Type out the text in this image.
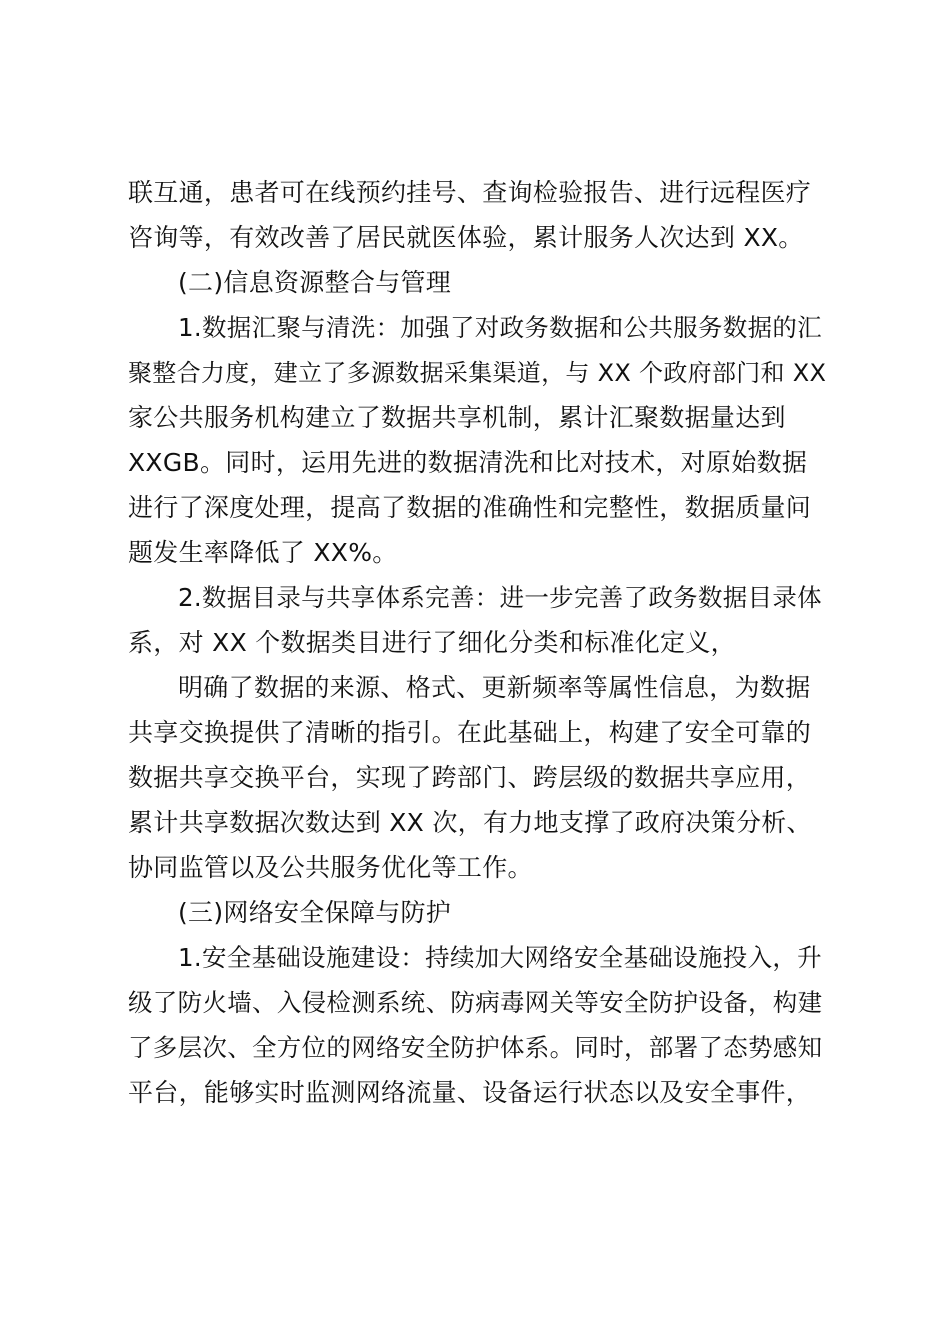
联互通，患者可在线预约挂号、查询检验报告、进行远程医疗
咨询等，有效改善了居民就医体验，累计服务人次达到 XX。
(二)信息资源整合与管理
1.数据汇聚与清洗：加强了对政务数据和公共服务数据的汇
聚整合力度，建立了多源数据采集渠道，与 XX 个政府部门和 XX
家公共服务机构建立了数据共享机制，累计汇聚数据量达到
XXGB。同时，运用先进的数据清洗和比对技术，对原始数据
进行了深度处理，提高了数据的准确性和完整性，数据质量问
题发生率降低了 XX%。
2.数据目录与共享体系完善：进一步完善了政务数据目录体
系，对 XX 个数据类目进行了细化分类和标准化定义，
明确了数据的来源、格式、更新频率等属性信息，为数据
共享交换提供了清晰的指引。在此基础上，构建了安全可靠的
数据共享交换平台，实现了跨部门、跨层级的数据共享应用，
累计共享数据次数达到 XX 次，有力地支撑了政府决策分析、
协同监管以及公共服务优化等工作。
(三)网络安全保障与防护
1.安全基础设施建设：持续加大网络安全基础设施投入，升
级了防火墙、入侵检测系统、防病毒网关等安全防护设备，构建
了多层次、全方位的网络安全防护体系。同时，部署了态势感知
平台，能够实时监测网络流量、设备运行状态以及安全事件，
